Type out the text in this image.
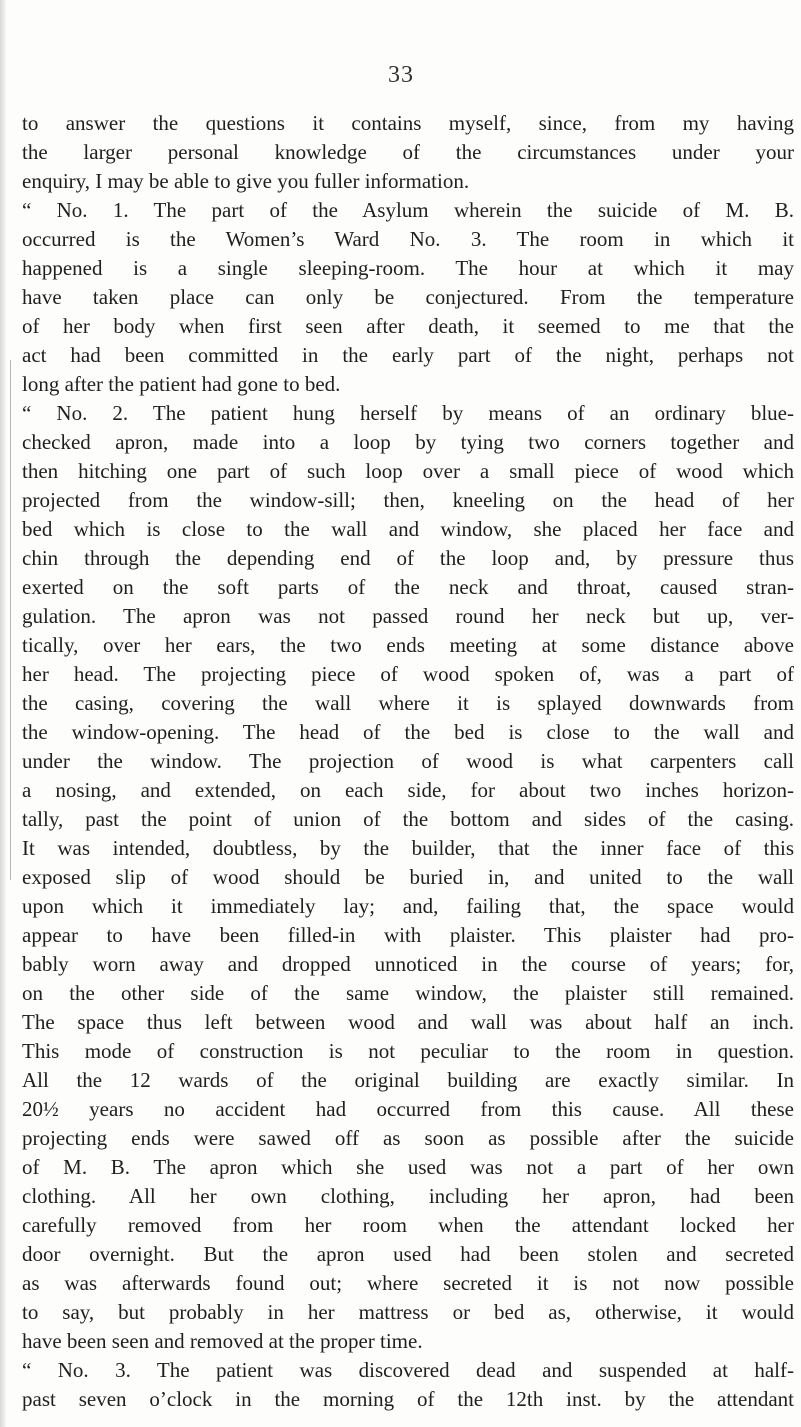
33
to answer the questions it contains myself, since, from my having
the larger personal knowledge of the circumstances under your
enquiry, I may be able to give you fuller information.
“ No. 1. The part of the Asylum wherein the suicide of M. B.
occurred is the Women’s Ward No. 3. The room in which it
happened is a single sleeping-room. The hour at which it may
have taken place can only be conjectured. From the temperature
of her body when first seen after death, it seemed to me that the
act had been committed in the early part of the night, perhaps not
long after the patient had gone to bed.
“ No. 2. The patient hung herself by means of an ordinary blue-
checked apron, made into a loop by tying two corners together and
then hitching one part of such loop over a small piece of wood which
projected from the window-sill; then, kneeling on the head of her
bed which is close to the wall and window, she placed her face and
chin through the depending end of the loop and, by pressure thus
exerted on the soft parts of the neck and throat, caused stran-
gulation. The apron was not passed round her neck but up, ver-
tically, over her ears, the two ends meeting at some distance above
her head. The projecting piece of wood spoken of, was a part of
the casing, covering the wall where it is splayed downwards from
the window-opening. The head of the bed is close to the wall and
under the window. The projection of wood is what carpenters call
a nosing, and extended, on each side, for about two inches horizon-
tally, past the point of union of the bottom and sides of the casing.
It was intended, doubtless, by the builder, that the inner face of this
exposed slip of wood should be buried in, and united to the wall
upon which it immediately lay; and, failing that, the space would
appear to have been filled-in with plaister. This plaister had pro-
bably worn away and dropped unnoticed in the course of years; for,
on the other side of the same window, the plaister still remained.
The space thus left between wood and wall was about half an inch.
This mode of construction is not peculiar to the room in question.
All the 12 wards of the original building are exactly similar. In
20½ years no accident had occurred from this cause. All these
projecting ends were sawed off as soon as possible after the suicide
of M. B. The apron which she used was not a part of her own
clothing. All her own clothing, including her apron, had been
carefully removed from her room when the attendant locked her
door overnight. But the apron used had been stolen and secreted
as was afterwards found out; where secreted it is not now possible
to say, but probably in her mattress or bed as, otherwise, it would
have been seen and removed at the proper time.
“ No. 3. The patient was discovered dead and suspended at half-
past seven o’clock in the morning of the 12th inst. by the attendant
